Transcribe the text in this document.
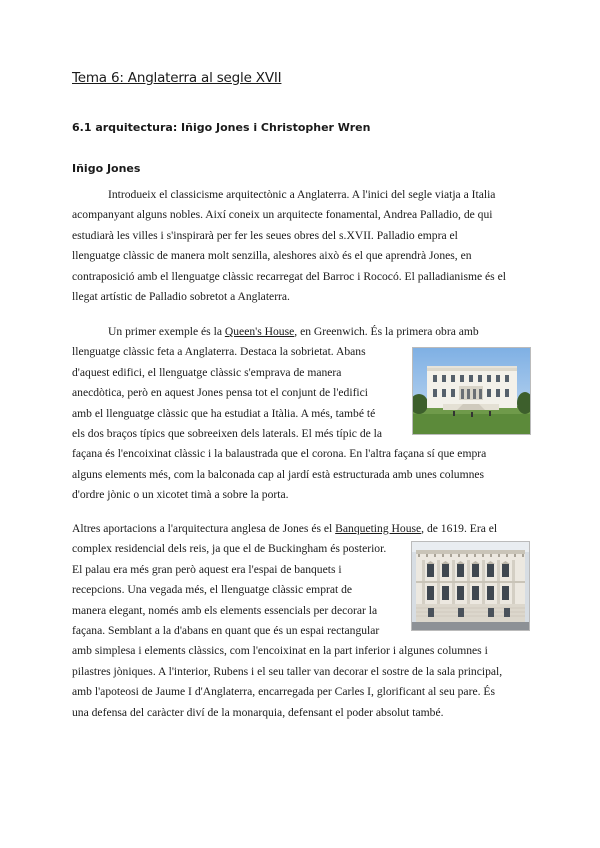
Tema 6: Anglaterra al segle XVII
6.1 arquitectura: Iñigo Jones i Christopher Wren
Iñigo Jones
Introdueix el classicisme arquitectònic a Anglaterra. A l'inici del segle viatja a Italia
acompanyant alguns nobles. Així coneix un arquitecte fonamental, Andrea Palladio, de qui
estudiarà les villes i s'inspirarà per fer les seues obres del s.XVII. Palladio empra el
llenguatge clàssic de manera molt senzilla, aleshores això és el que aprendrà Jones, en
contraposició amb el llenguatge clàssic recarregat del Barroc i Rococó. El palladianisme és el
llegat artístic de Palladio sobretot a Anglaterra.
Un primer exemple és la Queen's House, en Greenwich. És la primera obra amb
llenguatge clàssic feta a Anglaterra. Destaca la sobrietat. Abans
d'aquest edifici, el llenguatge clàssic s'emprava de manera
anecdòtica, però en aquest Jones pensa tot el conjunt de l'edifici
amb el llenguatge clàssic que ha estudiat a Itàlia. A més, també té
els dos braços típics que sobreeixen dels laterals. El més típic de la
façana és l'encoixinat clàssic i la balaustrada que el corona. En l'altra façana sí que empra
alguns elements més, com la balconada cap al jardí està estructurada amb unes columnes
d'ordre jònic o un xicotet timà a sobre la porta.
Altres aportacions a l'arquitectura anglesa de Jones és el Banqueting House, de 1619. Era el
complex residencial dels reis, ja que el de Buckingham és posterior.
El palau era més gran però aquest era l'espai de banquets i
recepcions. Una vegada més, el llenguatge clàssic emprat de
manera elegant, només amb els elements essencials per decorar la
façana. Semblant a la d'abans en quant que és un espai rectangular
amb simplesa i elements clàssics, com l'encoixinat en la part inferior i algunes columnes i
pilastres jòniques. A l'interior, Rubens i el seu taller van decorar el sostre de la sala principal,
amb l'apoteosi de Jaume I d'Anglaterra, encarregada per Carles I, glorificant al seu pare. És
una defensa del caràcter diví de la monarquia, defensant el poder absolut també.
